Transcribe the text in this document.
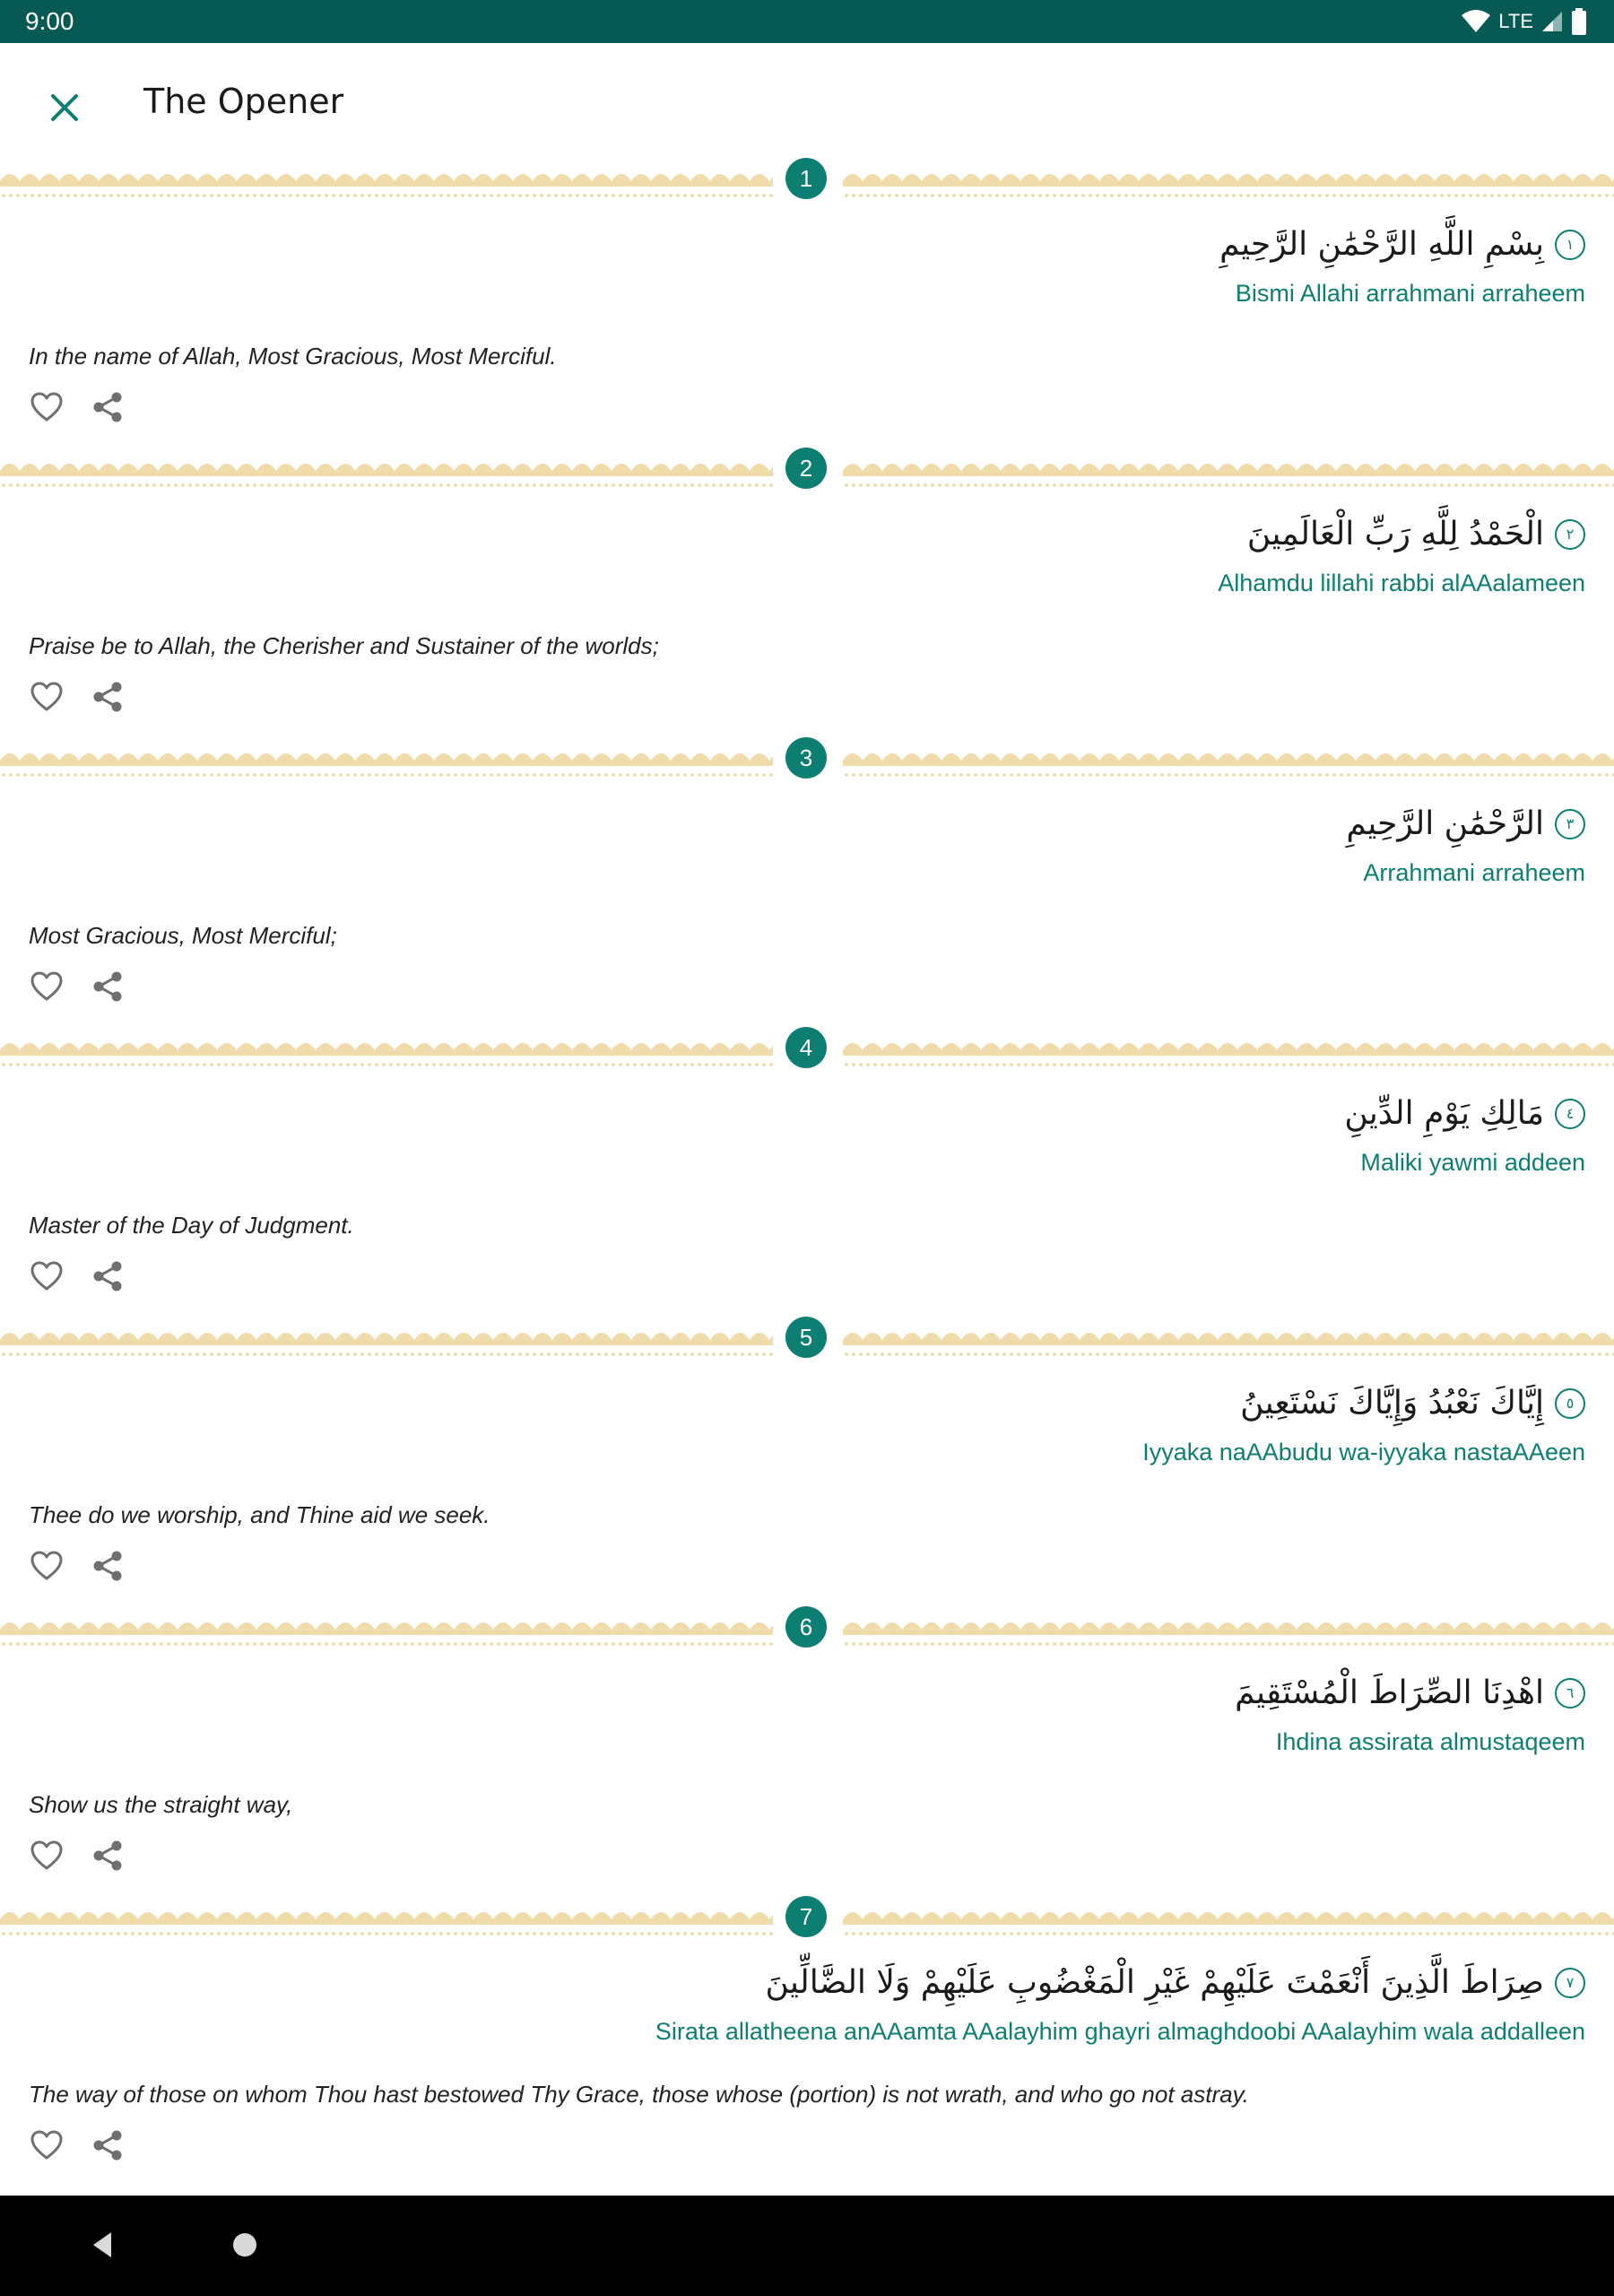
9:00	LTE
The Opener
1
بِسْمِ اللَّهِ الرَّحْمَٰنِ الرَّحِيمِ	١
Bismi Allahi arrahmani arraheem
In the name of Allah, Most Gracious, Most Merciful.
2
الْحَمْدُ لِلَّهِ رَبِّ الْعَالَمِينَ	٢
Alhamdu lillahi rabbi alAAalameen
Praise be to Allah, the Cherisher and Sustainer of the worlds;
3
الرَّحْمَٰنِ الرَّحِيمِ	٣
Arrahmani arraheem
Most Gracious, Most Merciful;
4
مَالِكِ يَوْمِ الدِّينِ	٤
Maliki yawmi addeen
Master of the Day of Judgment.
5
إِيَّاكَ نَعْبُدُ وَإِيَّاكَ نَسْتَعِينُ	٥
Iyyaka naAAbudu wa-iyyaka nastaAAeen
Thee do we worship, and Thine aid we seek.
6
اهْدِنَا الصِّرَاطَ الْمُسْتَقِيمَ	٦
Ihdina assirata almustaqeem
Show us the straight way,
7
صِرَاطَ الَّذِينَ أَنْعَمْتَ عَلَيْهِمْ غَيْرِ الْمَغْضُوبِ عَلَيْهِمْ وَلَا الضَّالِّينَ	٧
Sirata allatheena anAAamta AAalayhim ghayri almaghdoobi AAalayhim wala addalleen
The way of those on whom Thou hast bestowed Thy Grace, those whose (portion) is not wrath, and who go not astray.
